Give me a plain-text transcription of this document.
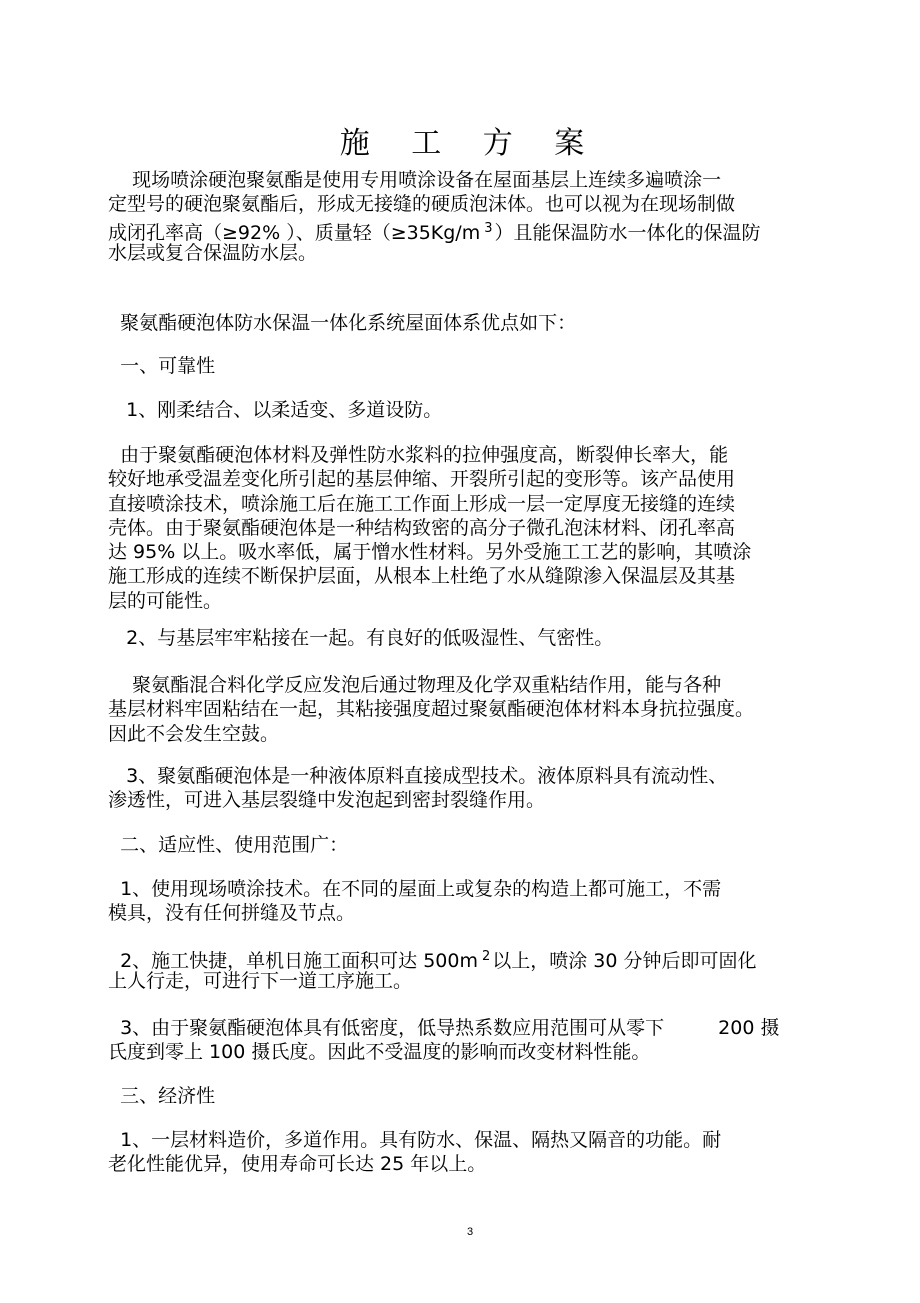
施 工 方 案

现场喷涂硬泡聚氨酯是使用专用喷涂设备在屋面基层上连续多遍喷涂一
定型号的硬泡聚氨酯后，形成无接缝的硬质泡沫体。也可以视为在现场制做
成闭孔率高（≥92% ）、质量轻（≥35Kg/m $^3$ ）且能保温防水一体化的保温防
水层或复合保温防水层。

聚氨酯硬泡体防水保温一体化系统屋面体系优点如下：

一、可靠性

1、刚柔结合、以柔适变、多道设防。

由于聚氨酯硬泡体材料及弹性防水浆料的拉伸强度高，断裂伸长率大，能
较好地承受温差变化所引起的基层伸缩、开裂所引起的变形等。该产品使用
直接喷涂技术，喷涂施工后在施工工作面上形成一层一定厚度无接缝的连续
壳体。由于聚氨酯硬泡体是一种结构致密的高分子微孔泡沫材料、闭孔率高
达 95% 以上。吸水率低，属于憎水性材料。另外受施工工艺的影响，其喷涂
施工形成的连续不断保护层面，从根本上杜绝了水从缝隙渗入保温层及其基
层的可能性。

2、与基层牢牢粘接在一起。有良好的低吸湿性、气密性。

聚氨酯混合料化学反应发泡后通过物理及化学双重粘结作用，能与各种
基层材料牢固粘结在一起，其粘接强度超过聚氨酯硬泡体材料本身抗拉强度。
因此不会发生空鼓。

3、聚氨酯硬泡体是一种液体原料直接成型技术。液体原料具有流动性、
渗透性，可进入基层裂缝中发泡起到密封裂缝作用。

二、适应性、使用范围广：

1、使用现场喷涂技术。在不同的屋面上或复杂的构造上都可施工，不需
模具，没有任何拼缝及节点。

2、施工快捷，单机日施工面积可达 500m $^2$ 以上，喷涂 30 分钟后即可固化
上人行走，可进行下一道工序施工。

3、由于聚氨酯硬泡体具有低密度，低导热系数应用范围可从零下	200 摄
氏度到零上 100 摄氏度。因此不受温度的影响而改变材料性能。

三、经济性

1、一层材料造价，多道作用。具有防水、保温、隔热又隔音的功能。耐
老化性能优异，使用寿命可长达 25 年以上。

3
